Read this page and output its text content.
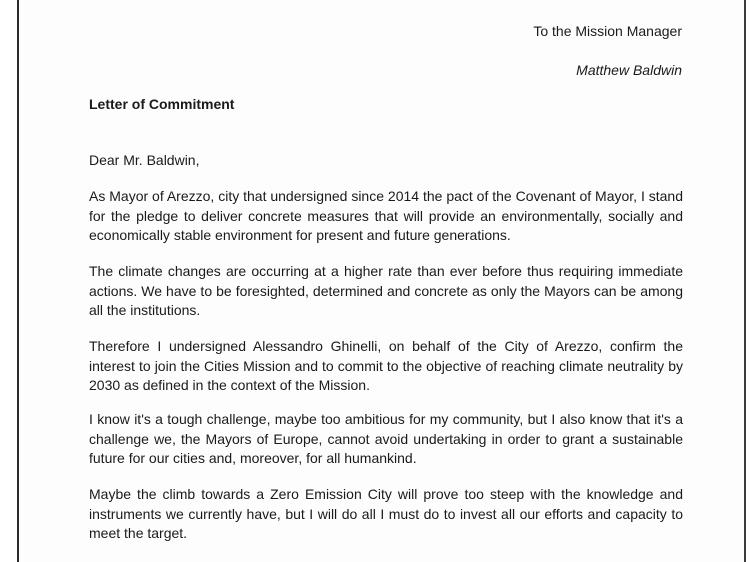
To the Mission Manager
Matthew Baldwin
Letter of Commitment
Dear Mr. Baldwin,

As Mayor of Arezzo, city that undersigned since 2014 the pact of the Covenant of Mayor, I stand for the pledge to deliver concrete measures that will provide an environmentally, socially and economically stable environment for present and future generations.

The climate changes are occurring at a higher rate than ever before thus requiring immediate actions. We have to be foresighted, determined and concrete as only the Mayors can be among all the institutions.

Therefore I undersigned Alessandro Ghinelli, on behalf of the City of Arezzo, confirm the interest to join the Cities Mission and to commit to the objective of reaching climate neutrality by 2030 as defined in the context of the Mission.

I know it's a tough challenge, maybe too ambitious for my community, but I also know that it's a challenge we, the Mayors of Europe, cannot avoid undertaking in order to grant a sustainable future for our cities and, moreover, for all humankind.

Maybe the climb towards a Zero Emission City will prove too steep with the knowledge and instruments we currently have, but I will do all I must do to invest all our efforts and capacity to meet the target.
